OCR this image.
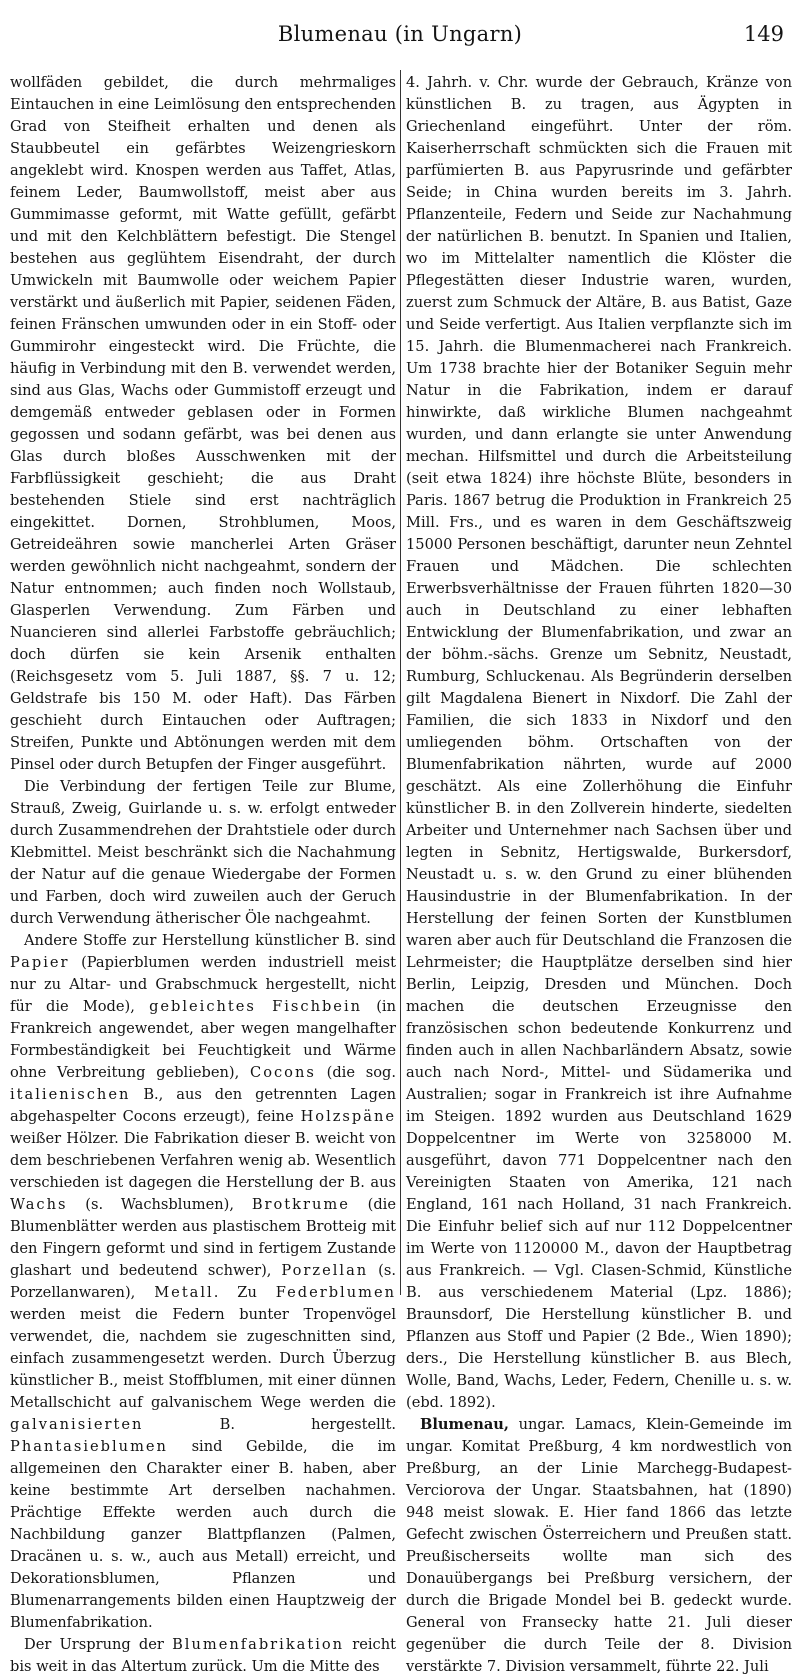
Blumenau (in Ungarn)	149

wollfäden gebildet, die durch mehrmaliges Eintauchen in eine Leimlösung den entsprechenden Grad von Steifheit erhalten und denen als Staubbeutel ein gefärbtes Weizengrieskorn angeklebt wird. Knospen werden aus Taffet, Atlas, feinem Leder, Baumwollstoff, meist aber aus Gummimasse geformt, mit Watte gefüllt, gefärbt und mit den Kelchblättern befestigt. Die Stengel bestehen aus geglühtem Eisendraht, der durch Umwickeln mit Baumwolle oder weichem Papier verstärkt und äußerlich mit Papier, seidenen Fäden, feinen Fränschen umwunden oder in ein Stoff- oder Gummirohr eingesteckt wird. Die Früchte, die häufig in Verbindung mit den B. verwendet werden, sind aus Glas, Wachs oder Gummistoff erzeugt und demgemäß entweder geblasen oder in Formen gegossen und sodann gefärbt, was bei denen aus Glas durch bloßes Ausschwenken mit der Farbflüssigkeit geschieht; die aus Draht bestehenden Stiele sind erst nachträglich eingekittet. Dornen, Strohblumen, Moos, Getreideähren sowie mancherlei Arten Gräser werden gewöhnlich nicht nachgeahmt, sondern der Natur entnommen; auch finden noch Wollstaub, Glasperlen Verwendung. Zum Färben und Nuancieren sind allerlei Farbstoffe gebräuchlich; doch dürfen sie kein Arsenik enthalten (Reichsgesetz vom 5. Juli 1887, §§. 7 u. 12; Geldstrafe bis 150 M. oder Haft). Das Färben geschieht durch Eintauchen oder Auftragen; Streifen, Punkte und Abtönungen werden mit dem Pinsel oder durch Betupfen der Finger ausgeführt.

Die Verbindung der fertigen Teile zur Blume, Strauß, Zweig, Guirlande u. s. w. erfolgt entweder durch Zusammendrehen der Drahtstiele oder durch Klebmittel. Meist beschränkt sich die Nachahmung der Natur auf die genaue Wiedergabe der Formen und Farben, doch wird zuweilen auch der Geruch durch Verwendung ätherischer Öle nachgeahmt.

Andere Stoffe zur Herstellung künstlicher B. sind Papier (Papierblumen werden industriell meist nur zu Altar- und Grabschmuck hergestellt, nicht für die Mode), gebleichtes Fischbein (in Frankreich angewendet, aber wegen mangelhafter Formbeständigkeit bei Feuchtigkeit und Wärme ohne Verbreitung geblieben), Cocons (die sog. italienischen B., aus den getrennten Lagen abgehaspelter Cocons erzeugt), feine Holzspäne weißer Hölzer. Die Fabrikation dieser B. weicht von dem beschriebenen Verfahren wenig ab. Wesentlich verschieden ist dagegen die Herstellung der B. aus Wachs (s. Wachsblumen), Brotkrume (die Blumenblätter werden aus plastischem Brotteig mit den Fingern geformt und sind in fertigem Zustande glashart und bedeutend schwer), Porzellan (s. Porzellanwaren), Metall. Zu Federblumen werden meist die Federn bunter Tropenvögel verwendet, die, nachdem sie zugeschnitten sind, einfach zusammengesetzt werden. Durch Überzug künstlicher B., meist Stoffblumen, mit einer dünnen Metallschicht auf galvanischem Wege werden die galvanisierten B. hergestellt. Phantasieblumen sind Gebilde, die im allgemeinen den Charakter einer B. haben, aber keine bestimmte Art derselben nachahmen. Prächtige Effekte werden auch durch die Nachbildung ganzer Blattpflanzen (Palmen, Dracänen u. s. w., auch aus Metall) erreicht, und Dekorationsblumen, Pflanzen und Blumenarrangements bilden einen Hauptzweig der Blumenfabrikation.

Der Ursprung der Blumenfabrikation reicht bis weit in das Altertum zurück. Um die Mitte des

4. Jahrh. v. Chr. wurde der Gebrauch, Kränze von künstlichen B. zu tragen, aus Ägypten in Griechenland eingeführt. Unter der röm. Kaiserherrschaft schmückten sich die Frauen mit parfümierten B. aus Papyrusrinde und gefärbter Seide; in China wurden bereits im 3. Jahrh. Pflanzenteile, Federn und Seide zur Nachahmung der natürlichen B. benutzt. In Spanien und Italien, wo im Mittelalter namentlich die Klöster die Pflegestätten dieser Industrie waren, wurden, zuerst zum Schmuck der Altäre, B. aus Batist, Gaze und Seide verfertigt. Aus Italien verpflanzte sich im 15. Jahrh. die Blumenmacherei nach Frankreich. Um 1738 brachte hier der Botaniker Seguin mehr Natur in die Fabrikation, indem er darauf hinwirkte, daß wirkliche Blumen nachgeahmt wurden, und dann erlangte sie unter Anwendung mechan. Hilfsmittel und durch die Arbeitsteilung (seit etwa 1824) ihre höchste Blüte, besonders in Paris. 1867 betrug die Produktion in Frankreich 25 Mill. Frs., und es waren in dem Geschäftszweig 15000 Personen beschäftigt, darunter neun Zehntel Frauen und Mädchen. Die schlechten Erwerbsverhältnisse der Frauen führten 1820—30 auch in Deutschland zu einer lebhaften Entwicklung der Blumenfabrikation, und zwar an der böhm.-sächs. Grenze um Sebnitz, Neustadt, Rumburg, Schluckenau. Als Begründerin derselben gilt Magdalena Bienert in Nixdorf. Die Zahl der Familien, die sich 1833 in Nixdorf und den umliegenden böhm. Ortschaften von der Blumenfabrikation nährten, wurde auf 2000 geschätzt. Als eine Zollerhöhung die Einfuhr künstlicher B. in den Zollverein hinderte, siedelten Arbeiter und Unternehmer nach Sachsen über und legten in Sebnitz, Hertigswalde, Burkersdorf, Neustadt u. s. w. den Grund zu einer blühenden Hausindustrie in der Blumenfabrikation. In der Herstellung der feinen Sorten der Kunstblumen waren aber auch für Deutschland die Franzosen die Lehrmeister; die Hauptplätze derselben sind hier Berlin, Leipzig, Dresden und München. Doch machen die deutschen Erzeugnisse den französischen schon bedeutende Konkurrenz und finden auch in allen Nachbarländern Absatz, sowie auch nach Nord-, Mittel- und Südamerika und Australien; sogar in Frankreich ist ihre Aufnahme im Steigen. 1892 wurden aus Deutschland 1629 Doppelcentner im Werte von 3258000 M. ausgeführt, davon 771 Doppelcentner nach den Vereinigten Staaten von Amerika, 121 nach England, 161 nach Holland, 31 nach Frankreich. Die Einfuhr belief sich auf nur 112 Doppelcentner im Werte von 1120000 M., davon der Hauptbetrag aus Frankreich. — Vgl. Clasen-Schmid, Künstliche B. aus verschiedenem Material (Lpz. 1886); Braunsdorf, Die Herstellung künstlicher B. und Pflanzen aus Stoff und Papier (2 Bde., Wien 1890); ders., Die Herstellung künstlicher B. aus Blech, Wolle, Band, Wachs, Leder, Federn, Chenille u. s. w. (ebd. 1892).

Blumenau, ungar. Lamacs, Klein-Gemeinde im ungar. Komitat Preßburg, 4 km nordwestlich von Preßburg, an der Linie Marchegg-Budapest-Verciorova der Ungar. Staatsbahnen, hat (1890) 948 meist slowak. E. Hier fand 1866 das letzte Gefecht zwischen Österreichern und Preußen statt. Preußischerseits wollte man sich des Donauübergangs bei Preßburg versichern, der durch die Brigade Mondel bei B. gedeckt wurde. General von Fransecky hatte 21. Juli dieser gegenüber die durch Teile der 8. Division verstärkte 7. Division versammelt, führte 22. Juli
